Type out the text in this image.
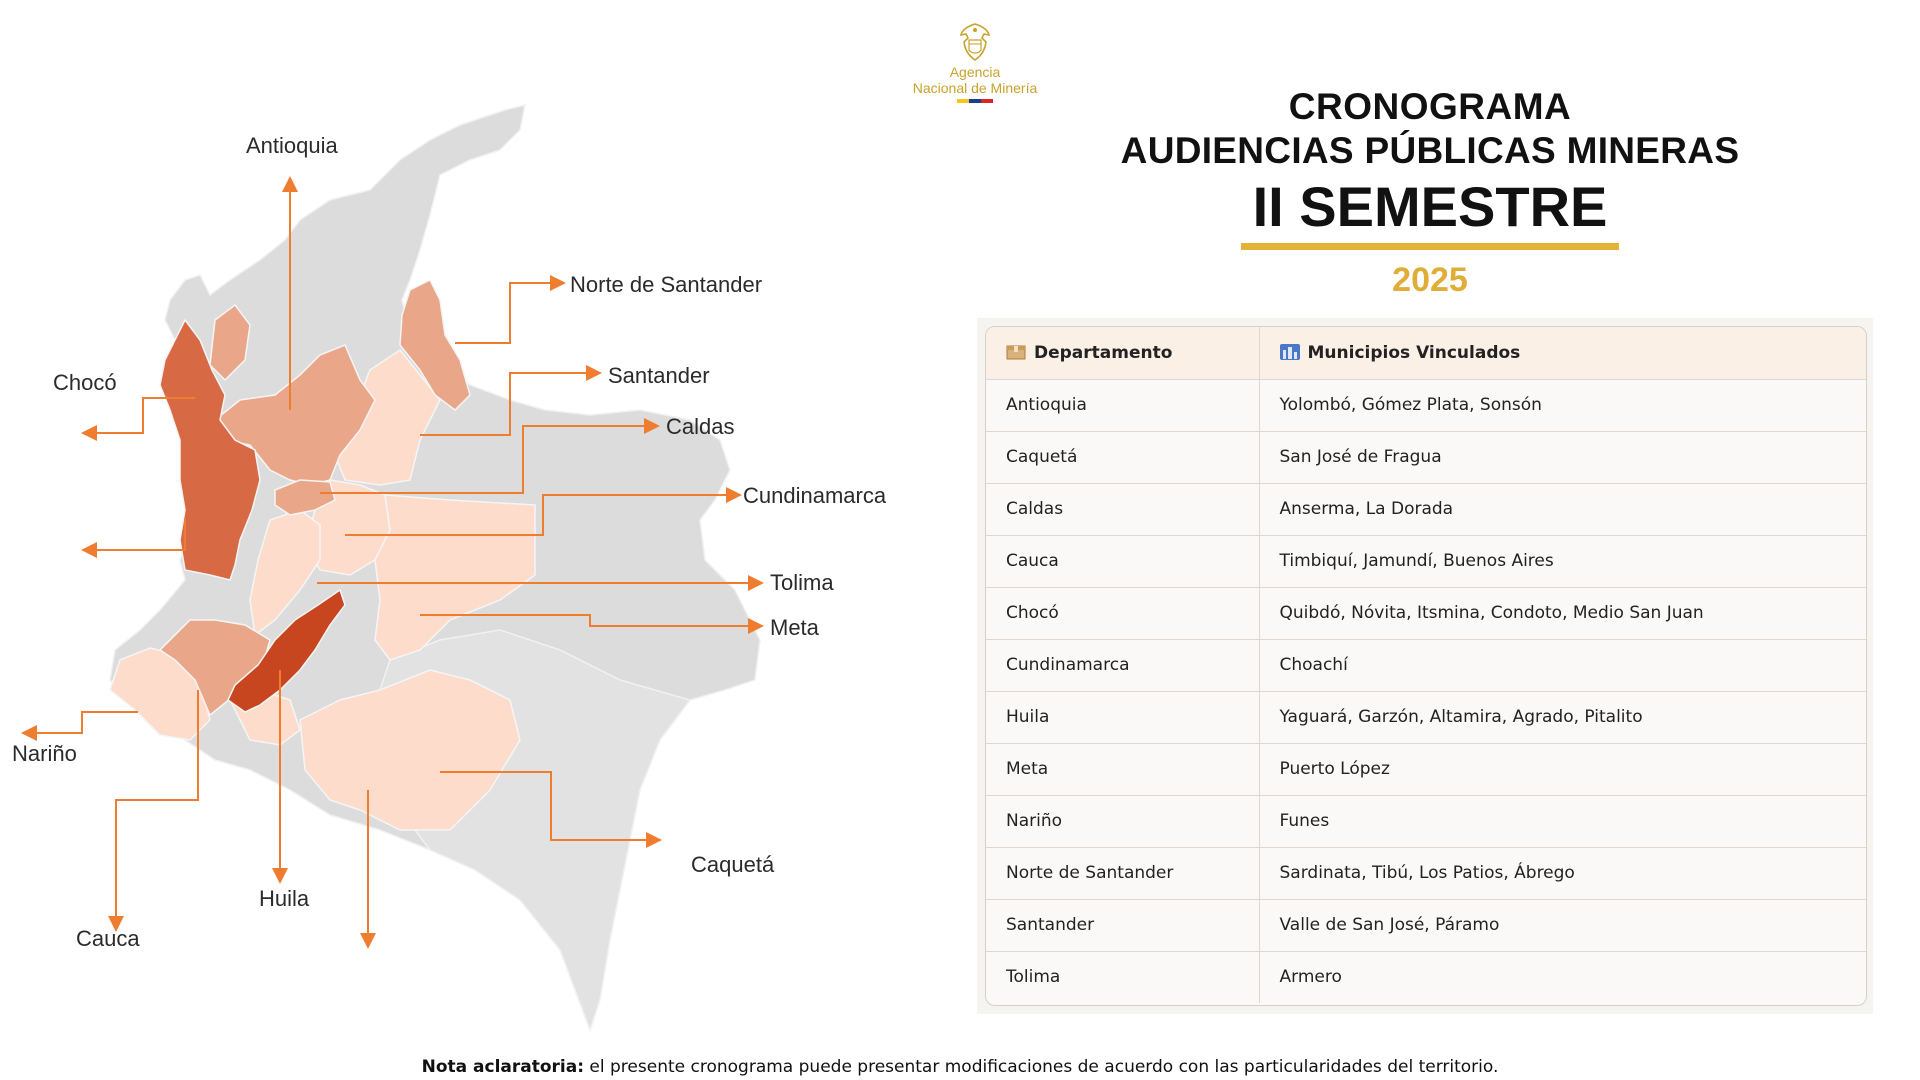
Antioquia
Norte de Santander
Santander
Caldas
Cundinamarca
Tolima
Meta
Caquetá
Huila
Cauca
Nariño
Chocó
Agencia
Nacional de Minería	CRONOGRAMA
AUDIENCIAS PÚBLICAS MINERAS
II SEMESTRE
2025
Departamento	Municipios Vinculados
Antioquia	Yolombó, Gómez Plata, Sonsón
Caquetá	San José de Fragua
Caldas	Anserma, La Dorada
Cauca	Timbiquí, Jamundí, Buenos Aires
Chocó	Quibdó, Nóvita, Itsmina, Condoto, Medio San Juan
Cundinamarca	Choachí
Huila	Yaguará, Garzón, Altamira, Agrado, Pitalito
Meta	Puerto López
Nariño	Funes
Norte de Santander	Sardinata, Tibú, Los Patios, Ábrego
Santander	Valle de San José, Páramo
Tolima	Armero
Nota aclaratoria: el presente cronograma puede presentar modificaciones de acuerdo con las particularidades del territorio.
